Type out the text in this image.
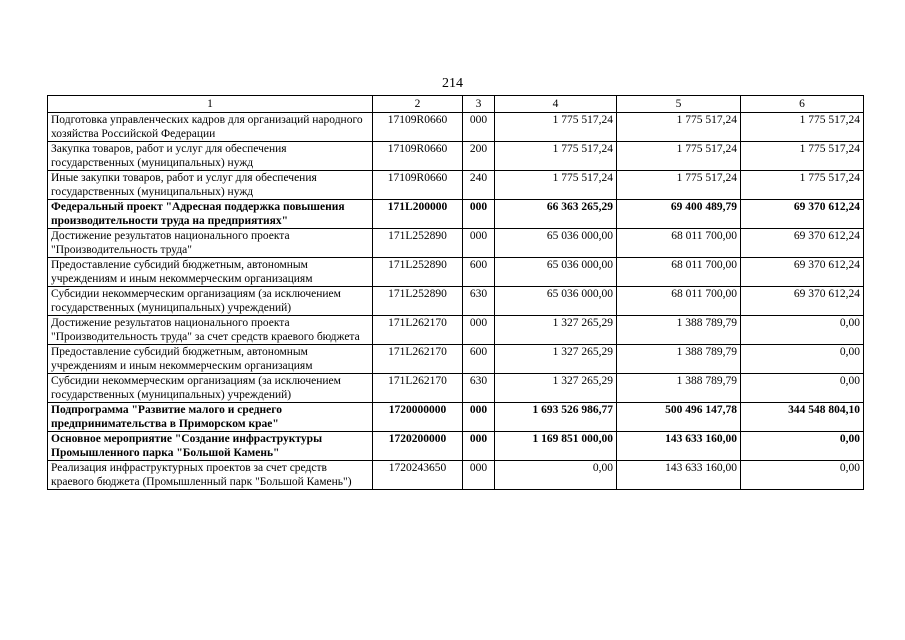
214
1	2	3	4	5	6
Подготовка управленческих кадров для организаций народного хозяйства Российской Федерации	17109R0660	000	1 775 517,24	1 775 517,24	1 775 517,24
Закупка товаров, работ и услуг для обеспечения государственных (муниципальных) нужд	17109R0660	200	1 775 517,24	1 775 517,24	1 775 517,24
Иные закупки товаров, работ и услуг для обеспечения государственных (муниципальных) нужд	17109R0660	240	1 775 517,24	1 775 517,24	1 775 517,24
Федеральный проект "Адресная поддержка повышения производительности труда на предприятиях"	171L200000	000	66 363 265,29	69 400 489,79	69 370 612,24
Достижение результатов национального проекта "Производительность труда"	171L252890	000	65 036 000,00	68 011 700,00	69 370 612,24
Предоставление субсидий бюджетным, автономным учреждениям и иным некоммерческим организациям	171L252890	600	65 036 000,00	68 011 700,00	69 370 612,24
Субсидии некоммерческим организациям (за исключением государственных (муниципальных) учреждений)	171L252890	630	65 036 000,00	68 011 700,00	69 370 612,24
Достижение результатов национального проекта "Производительность труда" за счет средств краевого бюджета	171L262170	000	1 327 265,29	1 388 789,79	0,00
Предоставление субсидий бюджетным, автономным учреждениям и иным некоммерческим организациям	171L262170	600	1 327 265,29	1 388 789,79	0,00
Субсидии некоммерческим организациям (за исключением государственных (муниципальных) учреждений)	171L262170	630	1 327 265,29	1 388 789,79	0,00
Подпрограмма "Развитие малого и среднего предпринимательства в Приморском крае"	1720000000	000	1 693 526 986,77	500 496 147,78	344 548 804,10
Основное мероприятие "Создание инфраструктуры Промышленного парка "Большой Камень"	1720200000	000	1 169 851 000,00	143 633 160,00	0,00
Реализация инфраструктурных проектов за счет средств краевого бюджета (Промышленный парк "Большой Камень")	1720243650	000	0,00	143 633 160,00	0,00
